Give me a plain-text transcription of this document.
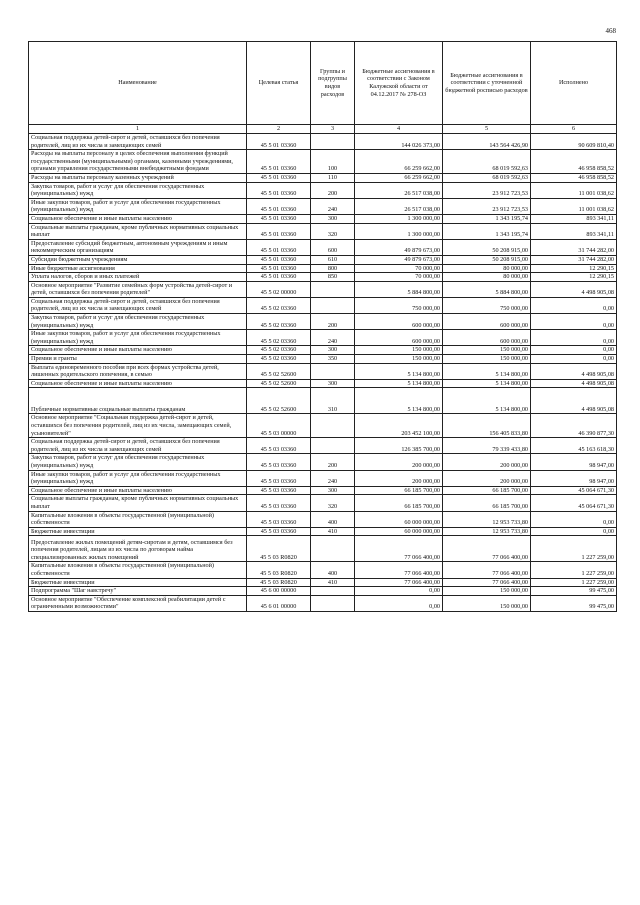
468
Наименование	Целевая статья	Группы и подгруппы видов расходов	Бюджетные ассигнования в соответствии с Законом Калужской области от 04.12.2017 № 278-ОЗ	Бюджетные ассигнования в соответствии с уточненной бюджетной росписью расходов	Исполнено
1	2	3	4	5	6
Социальная поддержка детей-сирот и детей, оставшихся без попечения родителей, лиц из их числа и замещающих семей	45 5 01 03360		144 026 373,00	143 564 426,90	90 609 810,40
Расходы на выплаты персоналу в целях обеспечения выполнения функций государственными (муниципальными) органами, казенными учреждениями, органами управления государственными внебюджетными фондами	45 5 01 03360	100	66 259 662,00	68 019 592,63	46 958 858,52
Расходы на выплаты персоналу казенных учреждений	45 5 01 03360	110	66 259 662,00	68 019 592,63	46 958 858,52
Закупка товаров, работ и услуг для обеспечения государственных (муниципальных) нужд	45 5 01 03360	200	26 517 038,00	23 912 723,53	11 001 038,62
Иные закупки товаров, работ и услуг для обеспечения государственных (муниципальных) нужд	45 5 01 03360	240	26 517 038,00	23 912 723,53	11 001 038,62
Социальное обеспечение и иные выплаты населению	45 5 01 03360	300	1 300 000,00	1 343 195,74	893 341,11
Социальные выплаты гражданам, кроме публичных нормативных социальных выплат	45 5 01 03360	320	1 300 000,00	1 343 195,74	893 341,11
Предоставление субсидий бюджетным, автономным учреждениям и иным некоммерческим организациям	45 5 01 03360	600	49 879 673,00	50 208 915,00	31 744 282,00
Субсидии бюджетным учреждениям	45 5 01 03360	610	49 879 673,00	50 208 915,00	31 744 282,00
Иные бюджетные ассигнования	45 5 01 03360	800	70 000,00	80 000,00	12 290,15
Уплата налогов, сборов и иных платежей	45 5 01 03360	850	70 000,00	80 000,00	12 290,15
Основное мероприятие "Развитие семейных форм устройства детей-сирот и детей, оставшихся без попечения родителей"	45 5 02 00000		5 884 800,00	5 884 800,00	4 498 905,08
Социальная поддержка детей-сирот и детей, оставшихся без попечения родителей, лиц из их числа и замещающих семей	45 5 02 03360		750 000,00	750 000,00	0,00
Закупка товаров, работ и услуг для обеспечения государственных (муниципальных) нужд	45 5 02 03360	200	600 000,00	600 000,00	0,00
Иные закупки товаров, работ и услуг для обеспечения государственных (муниципальных) нужд	45 5 02 03360	240	600 000,00	600 000,00	0,00
Социальное обеспечение и иные выплаты населению	45 5 02 03360	300	150 000,00	150 000,00	0,00
Премии и гранты	45 5 02 03360	350	150 000,00	150 000,00	0,00
Выплата единовременного пособия при всех формах устройства детей, лишенных родительского попечения, в семью	45 5 02 52600		5 134 800,00	5 134 800,00	4 498 905,08
Социальное обеспечение и иные выплаты населению	45 5 02 52600	300	5 134 800,00	5 134 800,00	4 498 905,08
Публичные нормативные социальные выплаты гражданам	45 5 02 52600	310	5 134 800,00	5 134 800,00	4 498 905,08
Основное мероприятие "Социальная поддержка детей-сирот и детей, оставшихся без попечения родителей, лиц из их числа, замещающих семей, усыновителей"	45 5 03 00000		203 452 100,00	156 405 833,80	46 390 877,30
Социальная поддержка детей-сирот и детей, оставшихся без попечения родителей, лиц из их числа и замещающих семей	45 5 03 03360		126 385 700,00	79 339 433,80	45 163 618,30
Закупка товаров, работ и услуг для обеспечения государственных (муниципальных) нужд	45 5 03 03360	200	200 000,00	200 000,00	98 947,00
Иные закупки товаров, работ и услуг для обеспечения государственных (муниципальных) нужд	45 5 03 03360	240	200 000,00	200 000,00	98 947,00
Социальное обеспечение и иные выплаты населению	45 5 03 03360	300	66 185 700,00	66 185 700,00	45 064 671,30
Социальные выплаты гражданам, кроме публичных нормативных социальных выплат	45 5 03 03360	320	66 185 700,00	66 185 700,00	45 064 671,30
Капитальные вложения в объекты государственной (муниципальной) собственности	45 5 03 03360	400	60 000 000,00	12 953 733,80	0,00
Бюджетные инвестиции	45 5 03 03360	410	60 000 000,00	12 953 733,80	0,00
Предоставление жилых помещений детям-сиротам и детям, оставшимся без попечения родителей, лицам из их числа по договорам найма специализированных жилых помещений	45 5 03 R0820		77 066 400,00	77 066 400,00	1 227 259,00
Капитальные вложения в объекты государственной (муниципальной) собственности	45 5 03 R0820	400	77 066 400,00	77 066 400,00	1 227 259,00
Бюджетные инвестиции	45 5 03 R0820	410	77 066 400,00	77 066 400,00	1 227 259,00
Подпрограмма "Шаг навстречу"	45 6 00 00000		0,00	150 000,00	99 475,00
Основное мероприятие "Обеспечение комплексной реабилитации детей с ограниченными возможностями"	45 6 01 00000		0,00	150 000,00	99 475,00
